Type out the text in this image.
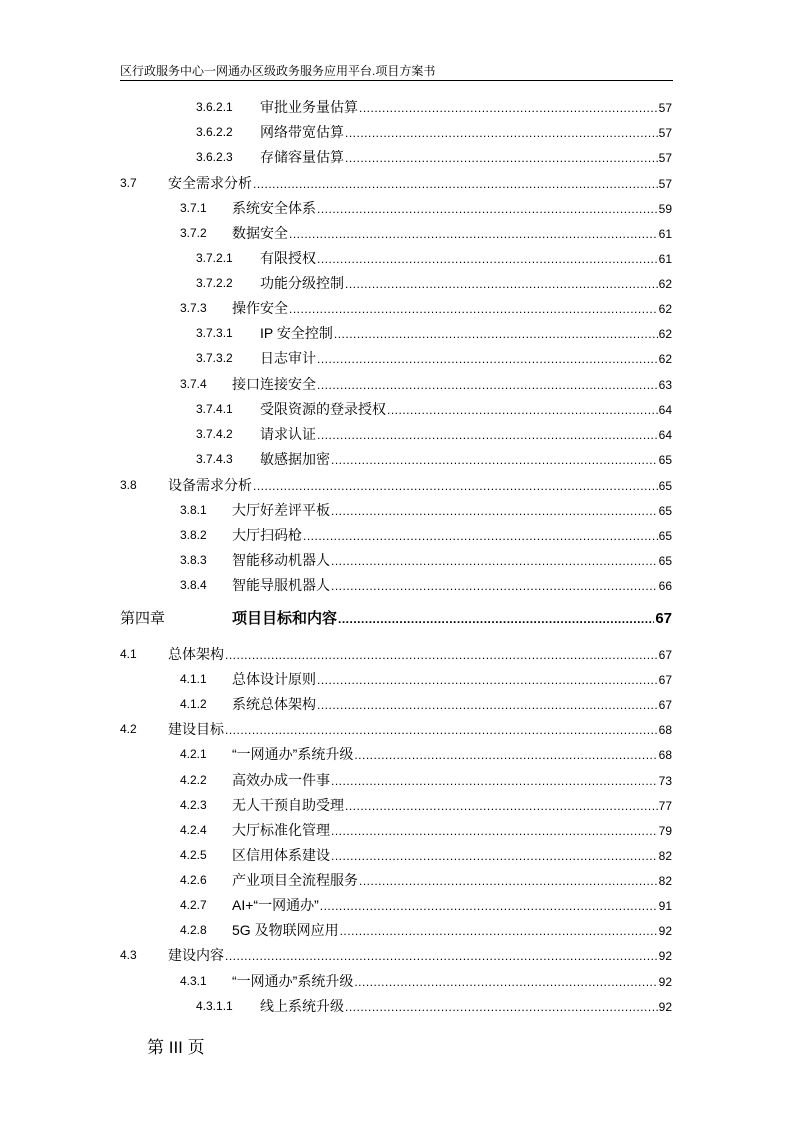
区行政服务中心一网通办区级政务服务应用平台.项目方案书
3.6.2.1 审批业务量估算 .....	57
3.6.2.2 网络带宽估算 .....	57
3.6.2.3 存储容量估算 .....	57
3.7 安全需求分析 .....	57
3.7.1 系统安全体系 .....	59
3.7.2 数据安全 .....	61
3.7.2.1 有限授权 .....	61
3.7.2.2 功能分级控制 .....	62
3.7.3 操作安全 .....	62
3.7.3.1 IP 安全控制 .....	62
3.7.3.2 日志审计 .....	62
3.7.4 接口连接安全 .....	63
3.7.4.1 受限资源的登录授权 .....	64
3.7.4.2 请求认证 .....	64
3.7.4.3 敏感据加密 .....	65
3.8 设备需求分析 .....	65
3.8.1 大厅好差评平板 .....	65
3.8.2 大厅扫码枪 .....	65
3.8.3 智能移动机器人 .....	65
3.8.4 智能导服机器人 .....	66
第四章	项目目标和内容 .....	67
4.1 总体架构 .....	67
4.1.1 总体设计原则 .....	67
4.1.2 系统总体架构 .....	67
4.2 建设目标 .....	68
4.2.1 “一网通办”系统升级 .....	68
4.2.2 高效办成一件事 .....	73
4.2.3 无人干预自助受理 .....	77
4.2.4 大厅标准化管理 .....	79
4.2.5 区信用体系建设 .....	82
4.2.6 产业项目全流程服务 .....	82
4.2.7 AI+“一网通办” .....	91
4.2.8 5G 及物联网应用 .....	92
4.3 建设内容 .....	92
4.3.1 “一网通办”系统升级 .....	92
4.3.1.1 线上系统升级 .....	92
第 III 页
